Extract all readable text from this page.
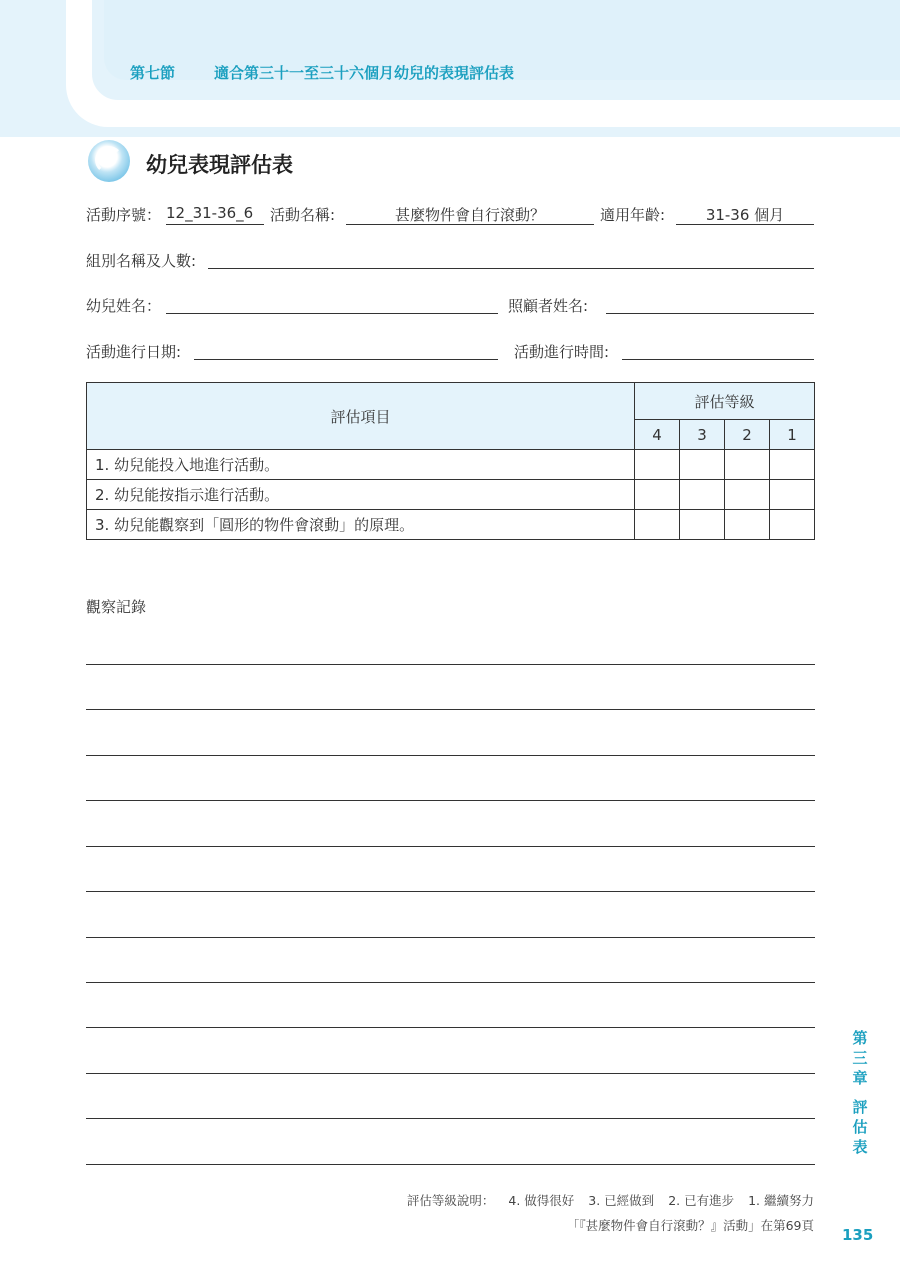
第七節	適合第三十一至三十六個月幼兒的表現評估表
幼兒表現評估表
活動序號： 12_31-36_6	活動名稱:	甚麼物件會自行滾動？	適用年齡:	31-36 個月
組別名稱及人數:
幼兒姓名：	照顧者姓名:
活動進行日期:	活動進行時間:
評估項目	評估等級			
	4	3	2	1
1. 幼兒能投入地進行活動。				
2. 幼兒能按指示進行活動。				
3. 幼兒能觀察到「圓形的物件會滾動」的原理。				
觀察記錄
第
三
章
評
估
表
評估等級說明： 4. 做得很好 3. 已經做到 2. 已有進步 1. 繼續努力
「『甚麼物件會自行滾動？』活動」在第69頁
135
